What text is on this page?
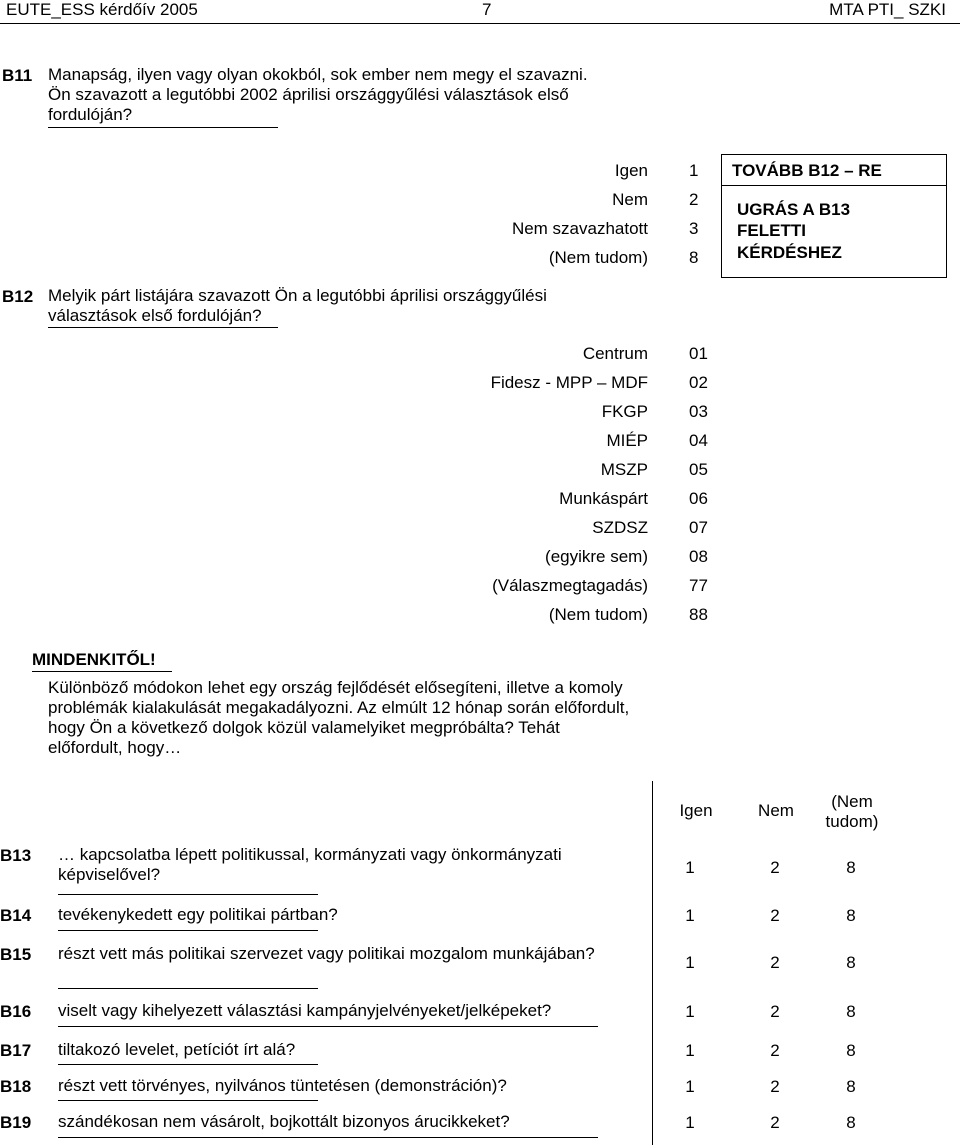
EUTE_ESS kérdőív 2005	7	MTA PTI_ SZKI
B11 Manapság, ilyen vagy olyan okokból, sok ember nem megy el szavazni. Ön szavazott a legutóbbi 2002 áprilisi országgyűlési választások első fordulóján?
Igen 1
Nem 2
Nem szavazhatott 3
(Nem tudom) 8
TOVÁBB B12 – RE
UGRÁS A B13
FELETTI
KÉRDÉSHEZ
B12 Melyik párt listájára szavazott Ön a legutóbbi áprilisi országgyűlési választások első fordulóján?
Centrum 01
Fidesz - MPP – MDF 02
FKGP 03
MIÉP 04
MSZP 05
Munkáspárt 06
SZDSZ 07
(egyikre sem) 08
(Válaszmegtagadás) 77
(Nem tudom) 88
MINDENKITŐL!
Különböző módokon lehet egy ország fejlődését elősegíteni, illetve a komoly problémák kialakulását megakadályozni. Az elmúlt 12 hónap során előfordult, hogy Ön a következő dolgok közül valamelyiket megpróbálta? Tehát előfordult, hogy…
Igen	Nem	(Nem
tudom)
B13 … kapcsolatba lépett politikussal, kormányzati vagy önkormányzati képviselővel?	1	2	8
B14 tevékenykedett egy politikai pártban?	1	2	8
B15 részt vett más politikai szervezet vagy politikai mozgalom munkájában?	1	2	8
B16 viselt vagy kihelyezett választási kampányjelvényeket/jelképeket?	1	2	8
B17 tiltakozó levelet, petíciót írt alá?	1	2	8
B18 részt vett törvényes, nyilvános tüntetésen (demonstráción)?	1	2	8
B19 szándékosan nem vásárolt, bojkottált bizonyos árucikkeket?	1	2	8
